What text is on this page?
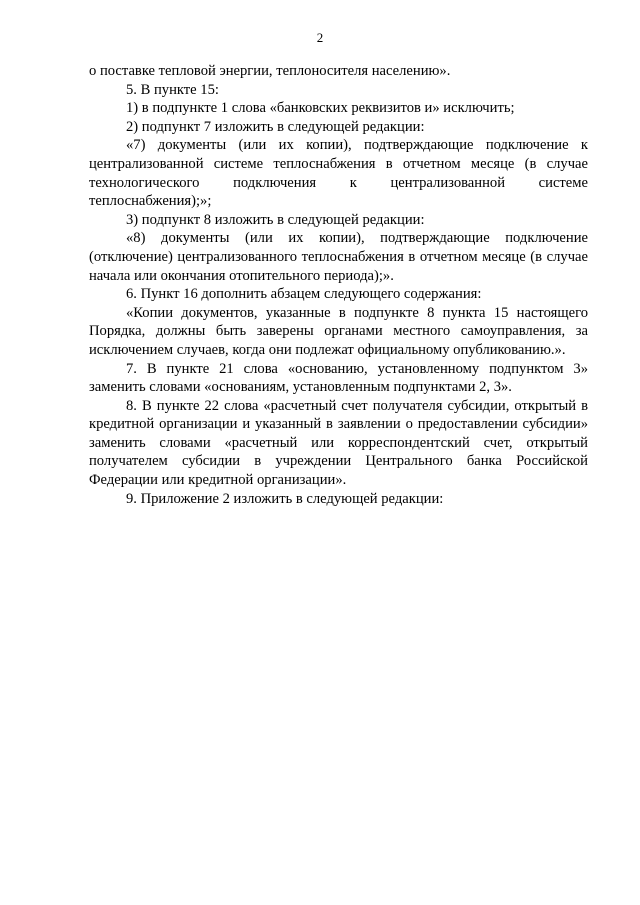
2

о поставке тепловой энергии, теплоносителя населению».

5. В пункте 15:

1) в подпункте 1 слова «банковских реквизитов и» исключить;

2) подпункт 7 изложить в следующей редакции:

«7) документы (или их копии), подтверждающие подключение к централизованной системе теплоснабжения в отчетном месяце (в случае технологического подключения к централизованной системе теплоснабжения);»;

3) подпункт 8 изложить в следующей редакции:

«8) документы (или их копии), подтверждающие подключение (отключение) централизованного теплоснабжения в отчетном месяце (в случае начала или окончания отопительного периода);».

6. Пункт 16 дополнить абзацем следующего содержания:

«Копии документов, указанные в подпункте 8 пункта 15 настоящего Порядка, должны быть заверены органами местного самоуправления, за исключением случаев, когда они подлежат официальному опубликованию.».

7. В пункте 21 слова «основанию, установленному подпунктом 3» заменить словами «основаниям, установленным подпунктами 2, 3».

8. В пункте 22 слова «расчетный счет получателя субсидии, открытый в кредитной организации и указанный в заявлении о предоставлении субсидии» заменить словами «расчетный или корреспондентский счет, открытый получателем субсидии в учреждении Центрального банка Российской Федерации или кредитной организации».

9. Приложение 2 изложить в следующей редакции:
